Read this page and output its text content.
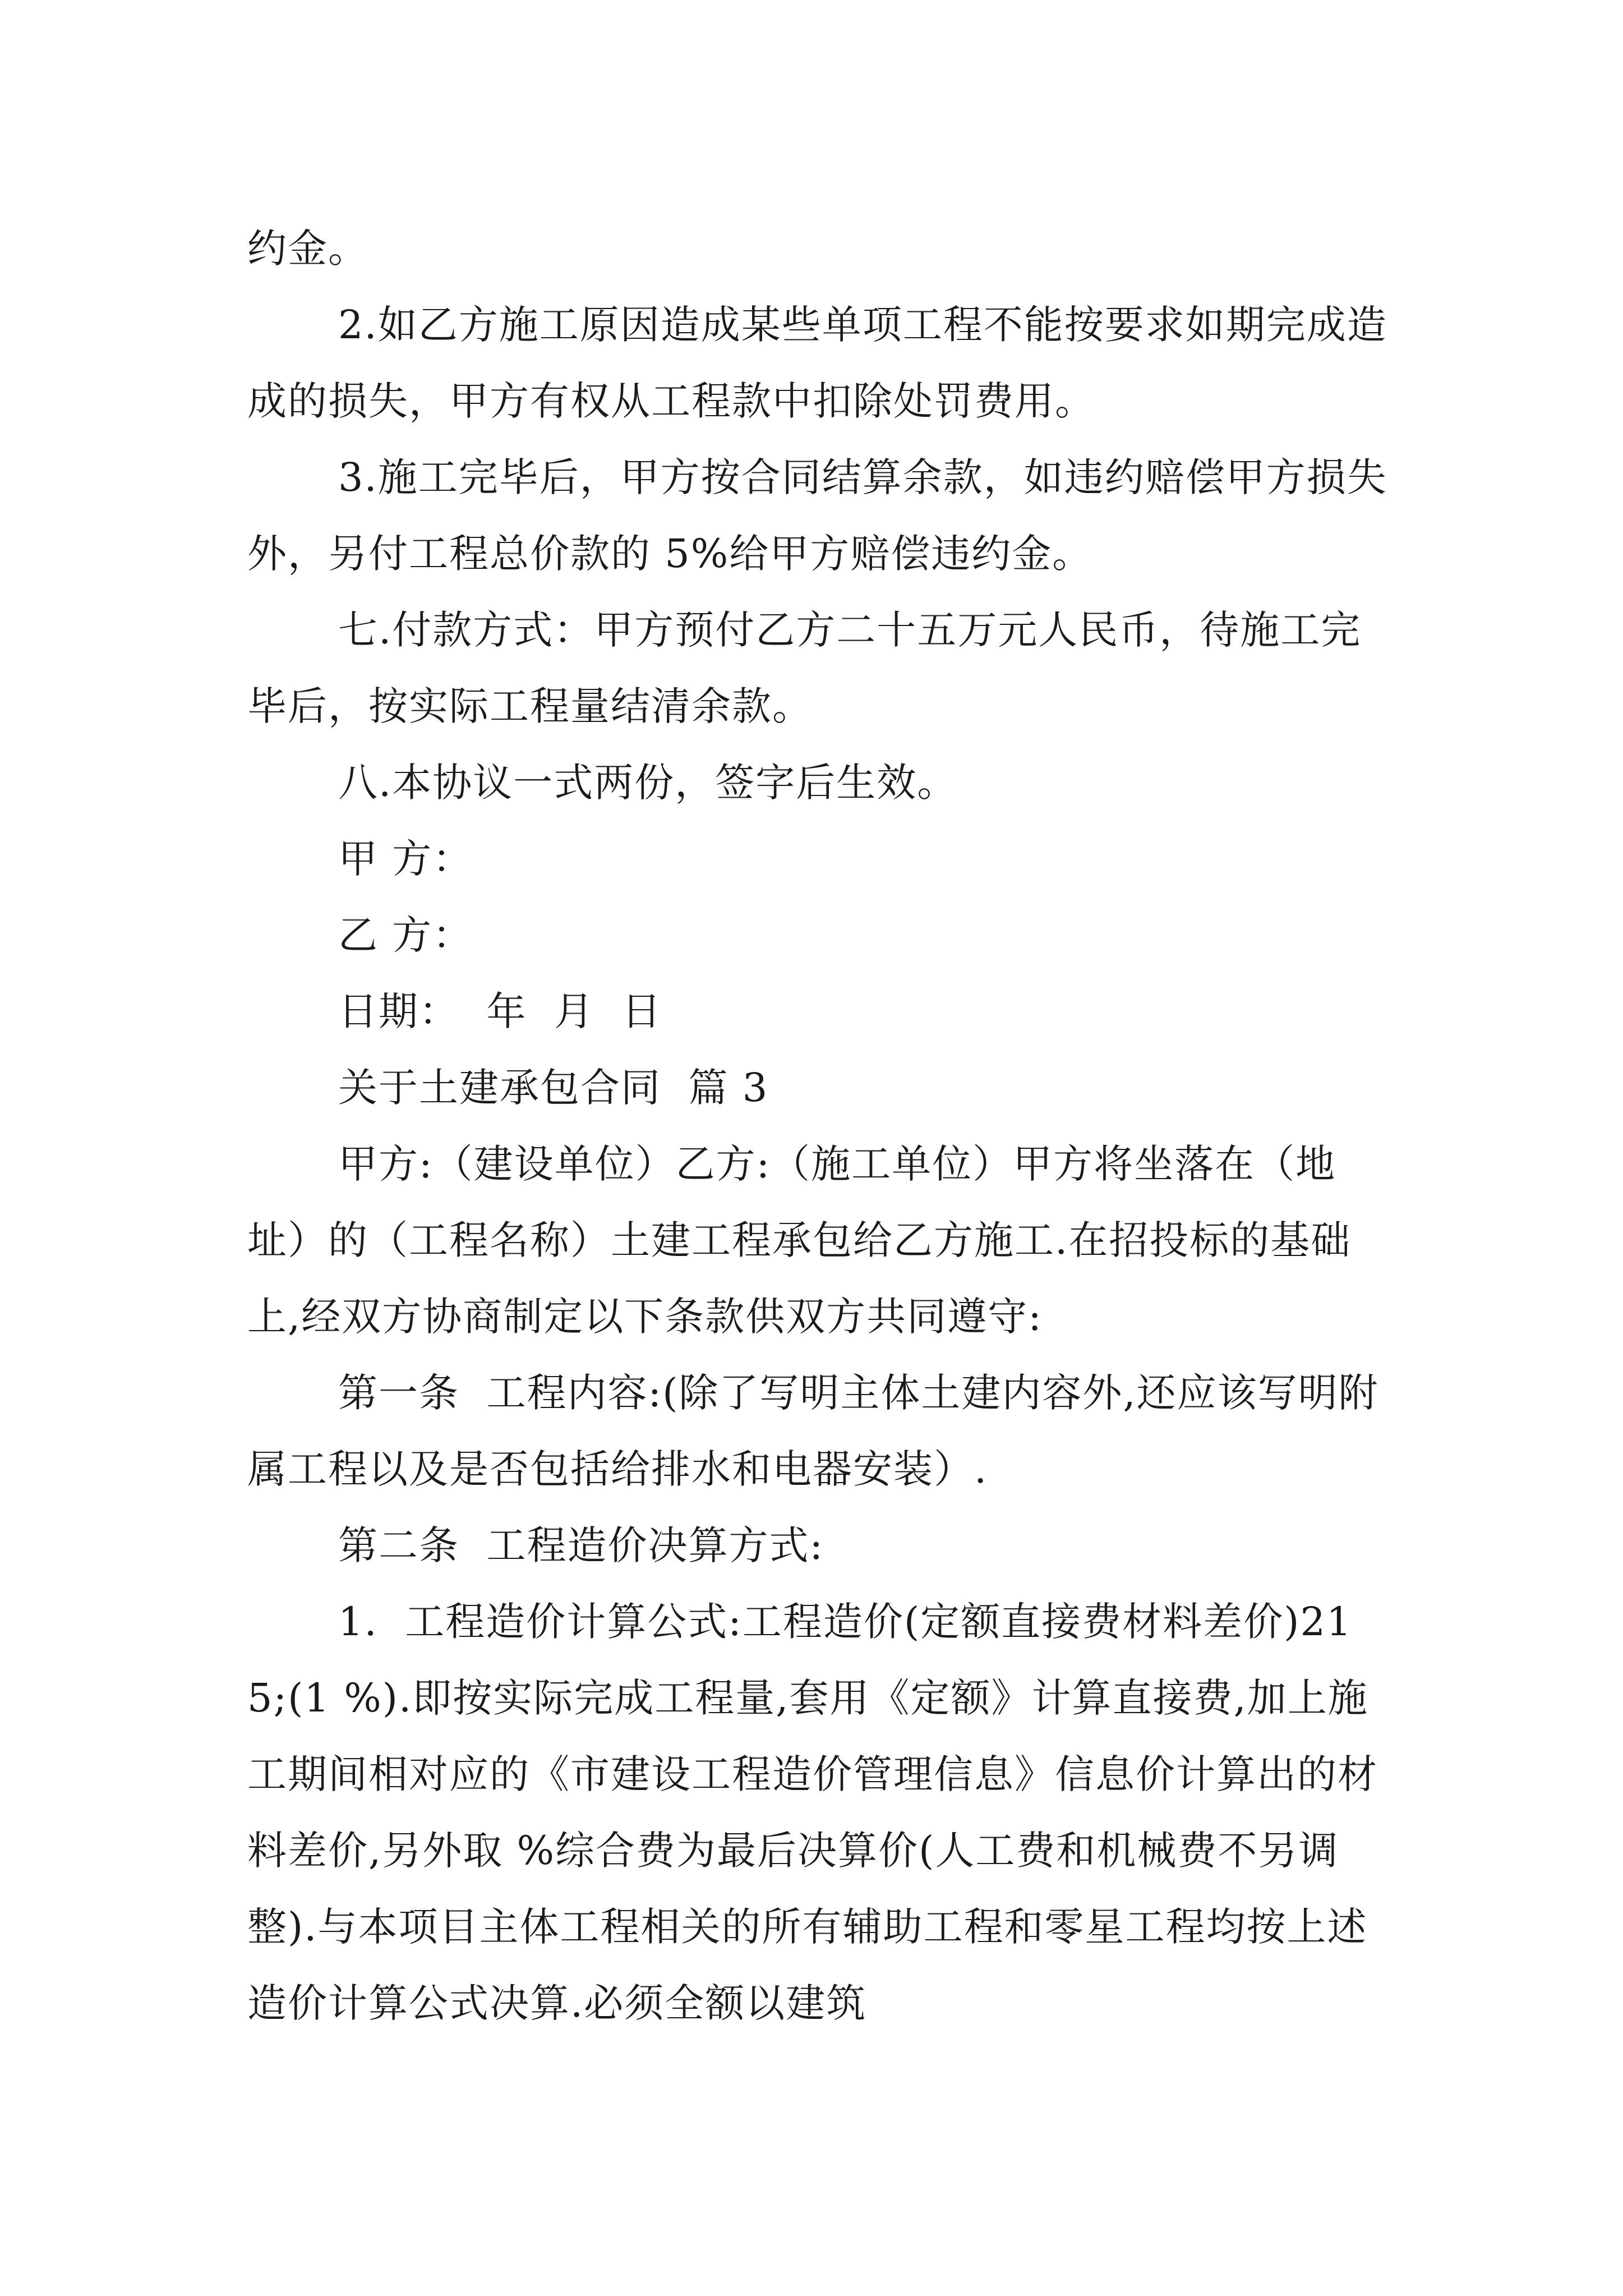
约金。

2.如乙方施工原因造成某些单项工程不能按要求如期完成造成的损失，甲方有权从工程款中扣除处罚费用。

3.施工完毕后，甲方按合同结算余款，如违约赔偿甲方损失外，另付工程总价款的 5%给甲方赔偿违约金。

七.付款方式：甲方预付乙方二十五万元人民币，待施工完毕后，按实际工程量结清余款。

八.本协议一式两份，签字后生效。

甲 方：

乙 方：

日期：  年  月  日

关于土建承包合同  篇 3

甲方:（建设单位）乙方:（施工单位）甲方将坐落在（地址）的（工程名称）土建工程承包给乙方施工.在招投标的基础上,经双方协商制定以下条款供双方共同遵守:

第一条  工程内容:(除了写明主体土建内容外,还应该写明附属工程以及是否包括给排水和电器安装）.

第二条  工程造价决算方式:

1.  工程造价计算公式:工程造价(定额直接费材料差价)215;(1 %).即按实际完成工程量,套用《定额》计算直接费,加上施工期间相对应的《市建设工程造价管理信息》信息价计算出的材料差价,另外取 %综合费为最后决算价(人工费和机械费不另调整).与本项目主体工程相关的所有辅助工程和零星工程均按上述造价计算公式决算.必须全额以建筑
